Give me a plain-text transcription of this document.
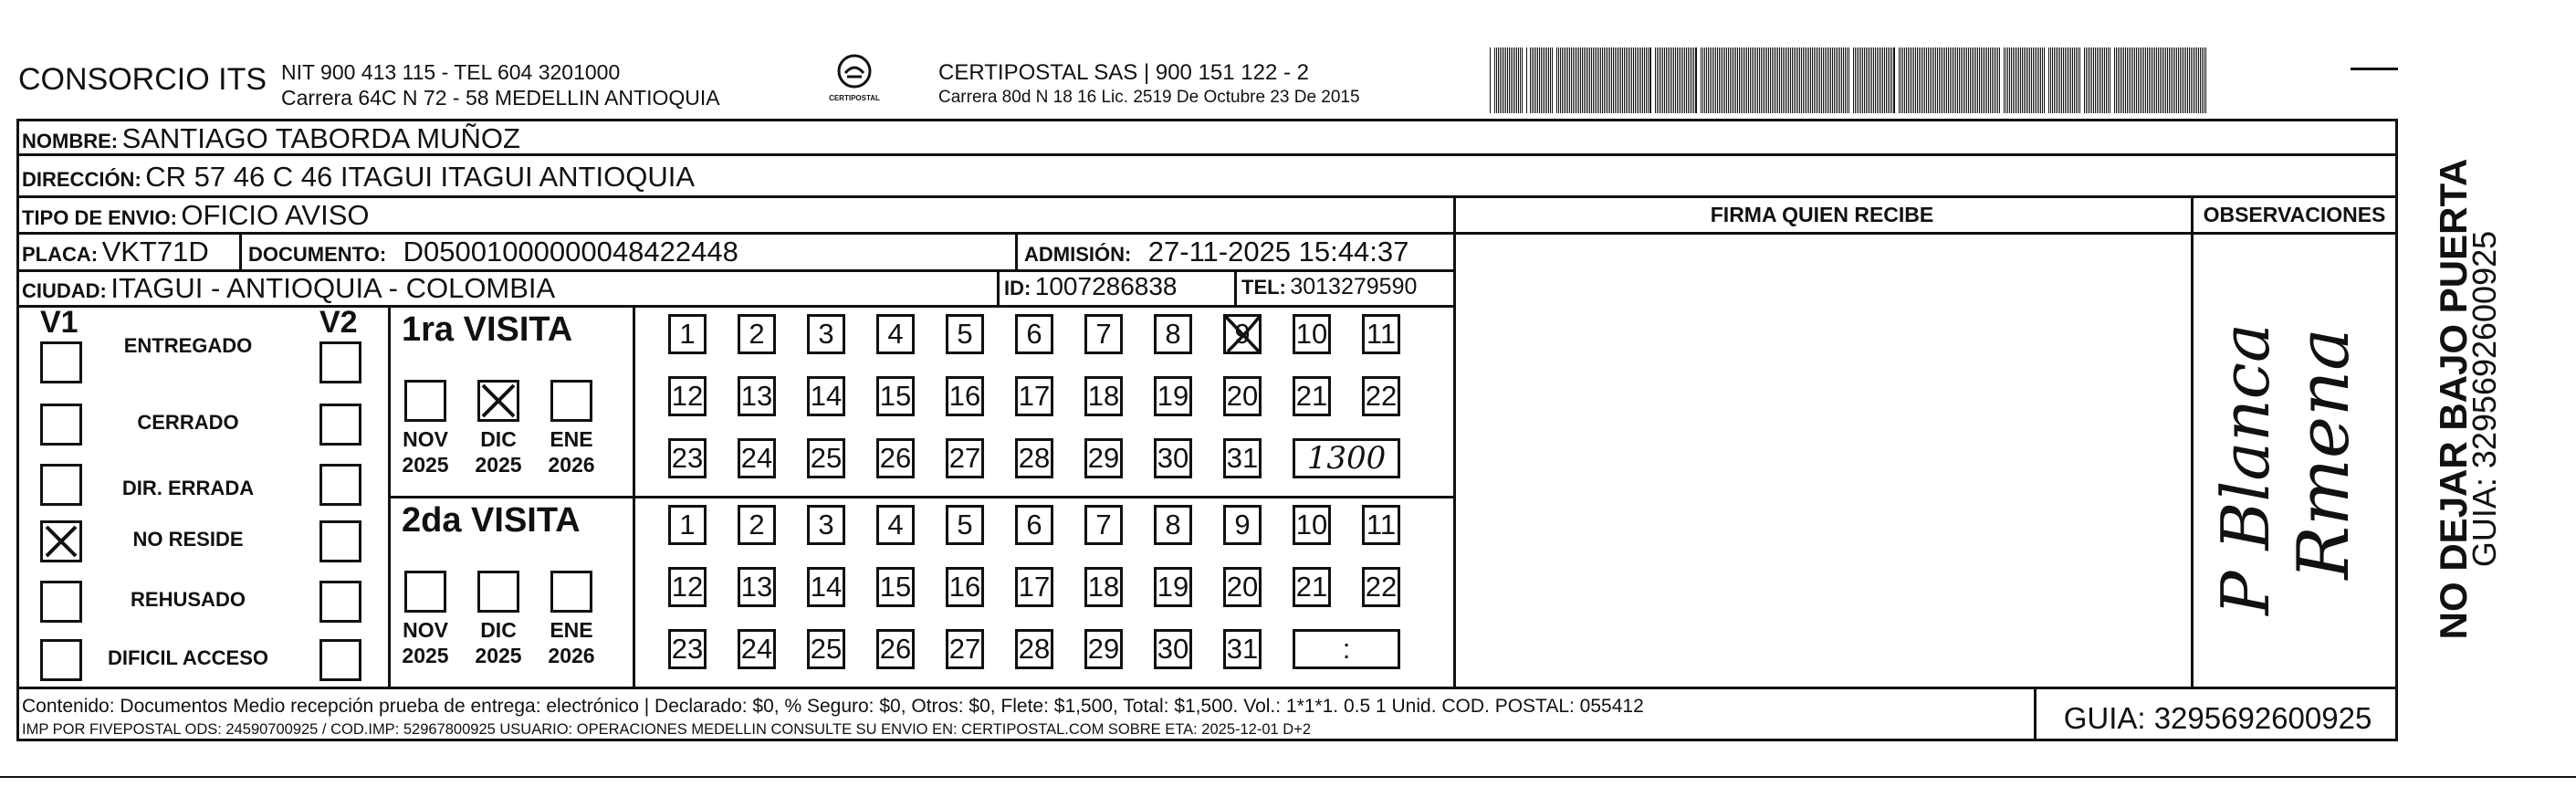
CONSORCIO ITS NIT 900 413 115 - TEL 604 3201000
Carrera 64C N 72 - 58 MEDELLIN ANTIOQUIA	CERTIPOSTAL
CERTIPOSTAL SAS | 900 151 122 - 2
Carrera 80d N 18 16 Lic. 2519 De Octubre 23 De 2015
NOMBRE: SANTIAGO TABORDA MUÑOZ
DIRECCIÓN: CR 57 46 C 46 ITAGUI ITAGUI ANTIOQUIA
TIPO DE ENVIO: OFICIO AVISO
PLACA: VKT71D DOCUMENTO: D05001000000048422448	ADMISIÓN: 27-11-2025 15:44:37
CIUDAD: ITAGUI - ANTIOQUIA - COLOMBIA	ID: 1007286838	TEL: 3013279590
FIRMA QUIEN RECIBE	OBSERVACIONES
P Blanca
Rmena
V1	V2
ENTREGADO
CERRADO
DIR. ERRADA
NO RESIDE
REHUSADO
DIFICIL ACCESO
1ra VISITA
NOV
2025
DIC
2025
ENE
2026
1	2	3	4	5	6	7	8	9	10 11
12 13 14 15 16 17 18 19 20 21 22
23 24 25 26 27 28 29 30 31	1300
2da VISITA
NOV
2025
DIC
2025
ENE
2026
1	2	3	4	5	6	7	8	9	10 11
12 13 14 15 16 17 18 19 20 21 22
23 24 25 26 27 28 29 30 31	:
Contenido: Documentos Medio recepción prueba de entrega: electrónico | Declarado: $0, % Seguro: $0, Otros: $0, Flete: $1,500, Total: $1,500. Vol.: 1*1*1. 0.5 1 Unid. COD. POSTAL: 055412
IMP POR FIVEPOSTAL ODS: 24590700925 / COD.IMP: 52967800925 USUARIO: OPERACIONES MEDELLIN CONSULTE SU ENVIO EN: CERTIPOSTAL.COM SOBRE ETA: 2025-12-01 D+2	GUIA: 3295692600925
NO DEJAR BAJO PUERTA
GUIA: 3295692600925
